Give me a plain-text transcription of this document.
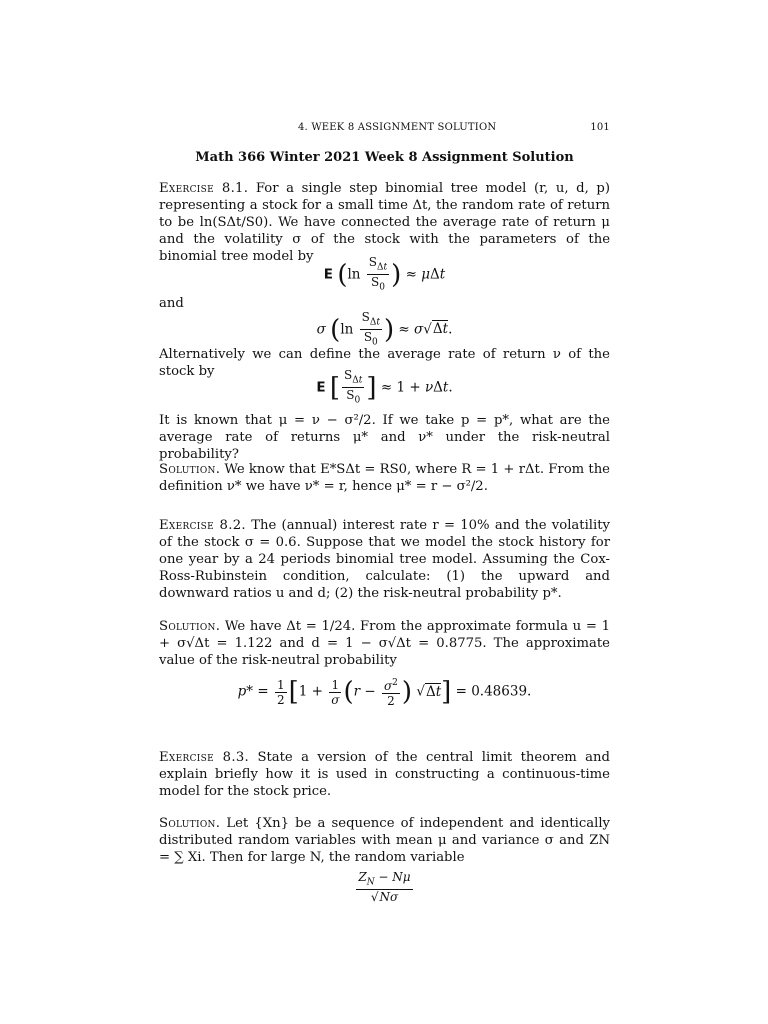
4. WEEK 8 ASSIGNMENT SOLUTION	101
Math 366 Winter 2021 Week 8 Assignment Solution

Exercise 8.1. For a single step binomial tree model (r, u, d, p) representing a stock for a small time Δt, the random rate of return to be ln(SΔt/S0). We have connected the average rate of return μ and the volatility σ of the stock with the parameters of the binomial tree model by

E ($\ln \frac{S_{\Delta t}}{S_0}$ ) ≈ μΔt

and

σ ($\ln \frac{S_{\Delta t}}{S_0}$ ) ≈ σ√Δt.

Alternatively we can define the average rate of return ν of the stock by

E [ $\frac{S_{\Delta t}}{S_0}$ ] ≈ 1 + νΔt.

It is known that μ = ν − σ²/2. If we take p = p*, what are the average rate of returns μ* and ν* under the risk-neutral probability?

Solution. We know that E*SΔt = RS0, where R = 1 + rΔt. From the definition ν* we have ν* = r, hence μ* = r − σ²/2.

Exercise 8.2. The (annual) interest rate r = 10% and the volatility of the stock σ = 0.6. Suppose that we model the stock history for one year by a 24 periods binomial tree model. Assuming the Cox-Ross-Rubinstein condition, calculate: (1) the upward and downward ratios u and d; (2) the risk-neutral probability p*.

Solution. We have Δt = 1/24. From the approximate formula u = 1 + σ√Δt = 1.122 and d = 1 − σ√Δt = 0.8775. The approximate value of the risk-neutral probability

$p* = \frac{1}{2} [1 + \frac{1}{\sigma} (r - \frac{\sigma^2}{2}$ ) √Δt] = 0.48639.

Exercise 8.3. State a version of the central limit theorem and explain briefly how it is used in constructing a continuous-time model for the stock price.

Solution. Let {Xn} be a sequence of independent and identically distributed random variables with mean μ and variance σ and ZN = ∑ Xi. Then for large N, the random variable

$\frac{Z_N - N\mu}{√N\sigma}$
